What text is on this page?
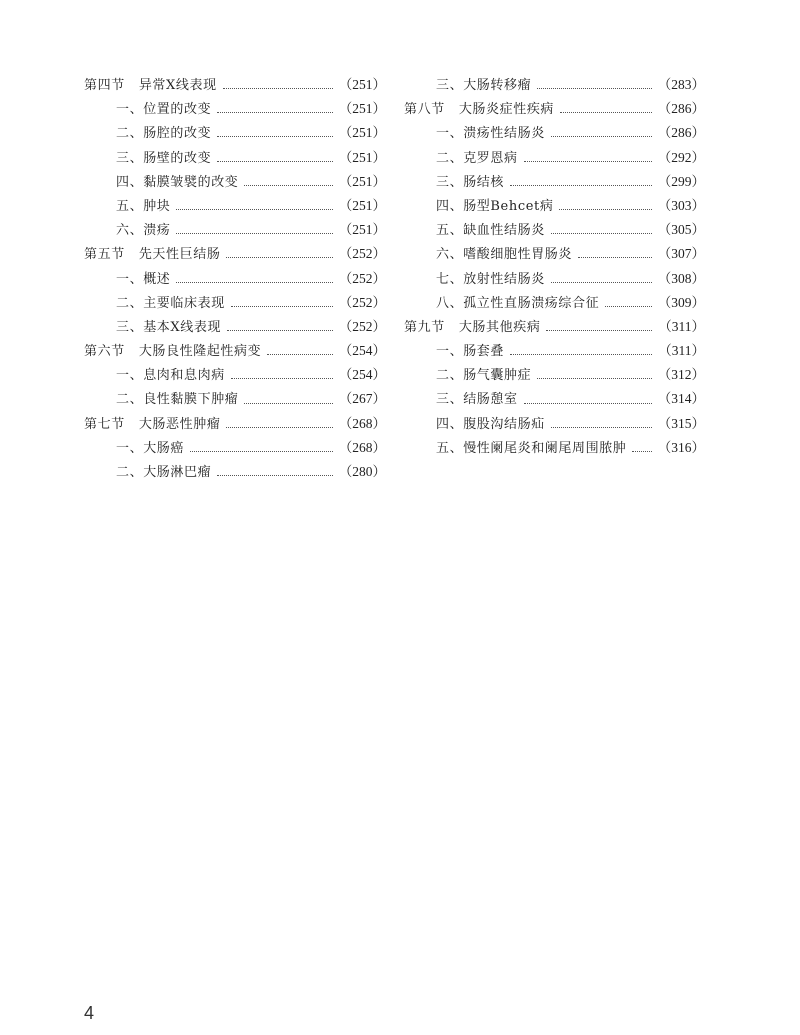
第四节 异常X线表现	（251）
一、位置的改变	（251）
二、肠腔的改变	（251）
三、肠壁的改变	（251）
四、黏膜皱襞的改变	（251）
五、肿块	（251）
六、溃疡	（251）
第五节 先天性巨结肠	（252）
一、概述	（252）
二、主要临床表现	（252）
三、基本X线表现	（252）
第六节 大肠良性隆起性病变	（254）
一、息肉和息肉病	（254）
二、良性黏膜下肿瘤	（267）
第七节 大肠恶性肿瘤	（268）
一、大肠癌	（268）
二、大肠淋巴瘤	（280）
三、大肠转移瘤	（283）
第八节 大肠炎症性疾病	（286）
一、溃疡性结肠炎	（286）
二、克罗恩病	（292）
三、肠结核	（299）
四、肠型Behcet病	（303）
五、缺血性结肠炎	（305）
六、嗜酸细胞性胃肠炎	（307）
七、放射性结肠炎	（308）
八、孤立性直肠溃疡综合征	（309）
第九节 大肠其他疾病	（311）
一、肠套叠	（311）
二、肠气囊肿症	（312）
三、结肠憩室	（314）
四、腹股沟结肠疝	（315）
五、慢性阑尾炎和阑尾周围脓肿 （316）
4
